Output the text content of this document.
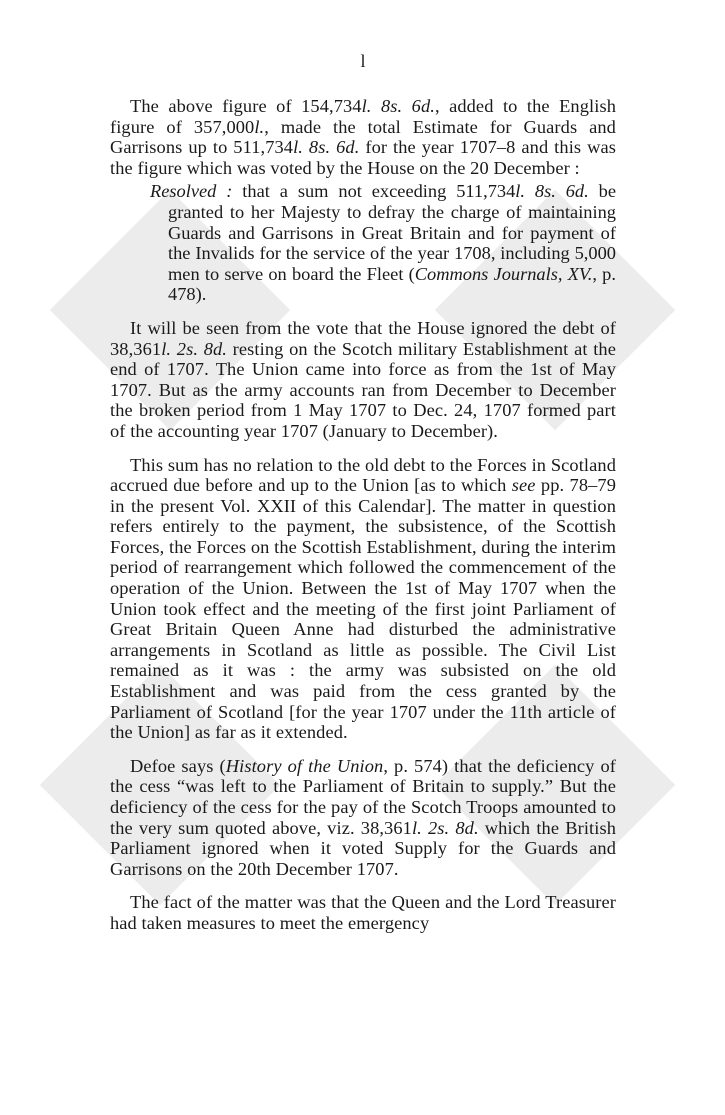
l

The above figure of 154,734l. 8s. 6d., added to the English figure of 357,000l., made the total Estimate for Guards and Garrisons up to 511,734l. 8s. 6d. for the year 1707–8 and this was the figure which was voted by the House on the 20 December :

Resolved : that a sum not exceeding 511,734l. 8s. 6d. be granted to her Majesty to defray the charge of maintaining Guards and Garrisons in Great Britain and for payment of the Invalids for the service of the year 1708, including 5,000 men to serve on board the Fleet (Commons Journals, XV., p. 478).

It will be seen from the vote that the House ignored the debt of 38,361l. 2s. 8d. resting on the Scotch military Establishment at the end of 1707. The Union came into force as from the 1st of May 1707. But as the army accounts ran from December to December the broken period from 1 May 1707 to Dec. 24, 1707 formed part of the accounting year 1707 (January to December).

This sum has no relation to the old debt to the Forces in Scotland accrued due before and up to the Union [as to which see pp. 78–79 in the present Vol. XXII of this Calendar]. The matter in question refers entirely to the payment, the subsistence, of the Scottish Forces, the Forces on the Scottish Establishment, during the interim period of rearrangement which followed the commencement of the operation of the Union. Between the 1st of May 1707 when the Union took effect and the meeting of the first joint Parliament of Great Britain Queen Anne had disturbed the administrative arrangements in Scotland as little as possible. The Civil List remained as it was : the army was subsisted on the old Establishment and was paid from the cess granted by the Parliament of Scotland [for the year 1707 under the 11th article of the Union] as far as it extended.

Defoe says (History of the Union, p. 574) that the deficiency of the cess “was left to the Parliament of Britain to supply.” But the deficiency of the cess for the pay of the Scotch Troops amounted to the very sum quoted above, viz. 38,361l. 2s. 8d. which the British Parliament ignored when it voted Supply for the Guards and Garrisons on the 20th December 1707.

The fact of the matter was that the Queen and the Lord Treasurer had taken measures to meet the emergency
